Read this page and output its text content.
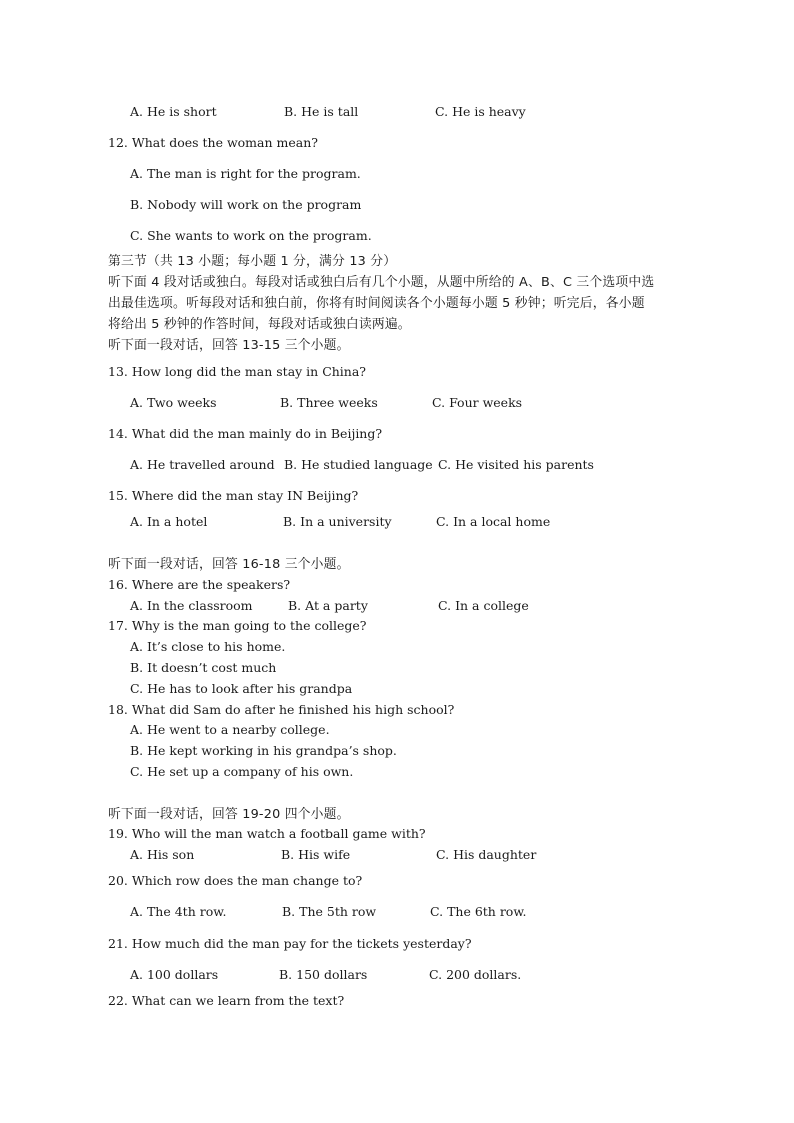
A. He is short	B. He is tall	C. He is heavy
12. What does the woman mean?
A. The man is right for the program.
B. Nobody will work on the program
C. She wants to work on the program.
第三节（共 13 小题；每小题 1 分，满分 13 分）
听下面 4 段对话或独白。每段对话或独白后有几个小题，从题中所给的 A、B、C 三个选项中选
出最佳选项。听每段对话和独白前，你将有时间阅读各个小题每小题 5 秒钟；听完后，各小题
将给出 5 秒钟的作答时间，每段对话或独白读两遍。
听下面一段对话，回答 13-15 三个小题。
13. How long did the man stay in China?
A. Two weeks	B. Three weeks	C. Four weeks
14. What did the man mainly do in Beijing?
A. He travelled around B. He studied language C. He visited his parents
15. Where did the man stay IN Beijing?
A. In a hotel	B. In a university	C. In a local home
听下面一段对话，回答 16-18 三个小题。
16. Where are the speakers?
A. In the classroom	B. At a party	C. In a college
17. Why is the man going to the college?
A. It’s close to his home.
B. It doesn’t cost much
C. He has to look after his grandpa
18. What did Sam do after he finished his high school?
A. He went to a nearby college.
B. He kept working in his grandpa’s shop.
C. He set up a company of his own.
听下面一段对话，回答 19-20 四个小题。
19. Who will the man watch a football game with?
A. His son	B. His wife	C. His daughter
20. Which row does the man change to?
A. The 4th row.	B. The 5th row	C. The 6th row.
21. How much did the man pay for the tickets yesterday?
A. 100 dollars	B. 150 dollars	C. 200 dollars.
22. What can we learn from the text?
